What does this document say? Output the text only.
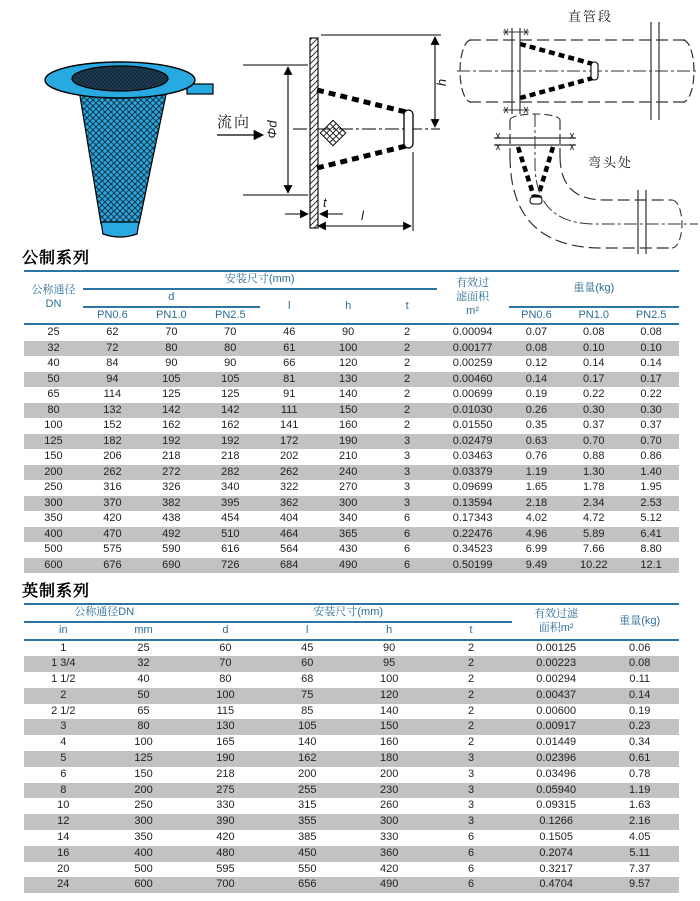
流向 Φd
h
t
l
直管段
弯头处
公制系列
公称通径
DN	安装尺寸(mm)						有效过
滤面积
m²	重量(kg)		
	d			l	h	t				
	PN0.6	PN1.0	PN2.5					PN0.6	PN1.0	PN2.5
25	62	70	70	46	90	2	0.00094	0.07	0.08	0.08
32	72	80	80	61	100	2	0.00177	0.08	0.10	0.10
40	84	90	90	66	120	2	0.00259	0.12	0.14	0.14
50	94	105	105	81	130	2	0.00460	0.14	0.17	0.17
65	114	125	125	91	140	2	0.00699	0.19	0.22	0.22
80	132	142	142	111	150	2	0.01030	0.26	0.30	0.30
100	152	162	162	141	160	2	0.01550	0.35	0.37	0.37
125	182	192	192	172	190	3	0.02479	0.63	0.70	0.70
150	206	218	218	202	210	3	0.03463	0.76	0.88	0.86
200	262	272	282	262	240	3	0.03379	1.19	1.30	1.40
250	316	326	340	322	270	3	0.09699	1.65	1.78	1.95
300	370	382	395	362	300	3	0.13594	2.18	2.34	2.53
350	420	438	454	404	340	6	0.17343	4.02	4.72	5.12
400	470	492	510	464	365	6	0.22476	4.96	5.89	6.41
500	575	590	616	564	430	6	0.34523	6.99	7.66	8.80
600	676	690	726	684	490	6	0.50199	9.49	10.22	12.1
英制系列
公称通径DN		安装尺寸(mm)				有效过滤
面积m²	重量(kg)
in	mm	d	l	h	t		
1	25	60	45	90	2	0.00125	0.06
1 3/4	32	70	60	95	2	0.00223	0.08
1 1/2	40	80	68	100	2	0.00294	0.11
2	50	100	75	120	2	0.00437	0.14
2 1/2	65	115	85	140	2	0.00600	0.19
3	80	130	105	150	2	0.00917	0.23
4	100	165	140	160	2	0.01449	0.34
5	125	190	162	180	3	0.02396	0.61
6	150	218	200	200	3	0.03496	0.78
8	200	275	255	230	3	0.05940	1.19
10	250	330	315	260	3	0.09315	1.63
12	300	390	355	300	3	0.1266	2.16
14	350	420	385	330	6	0.1505	4.05
16	400	480	450	360	6	0.2074	5.11
20	500	595	550	420	6	0.3217	7.37
24	600	700	656	490	6	0.4704	9.57
